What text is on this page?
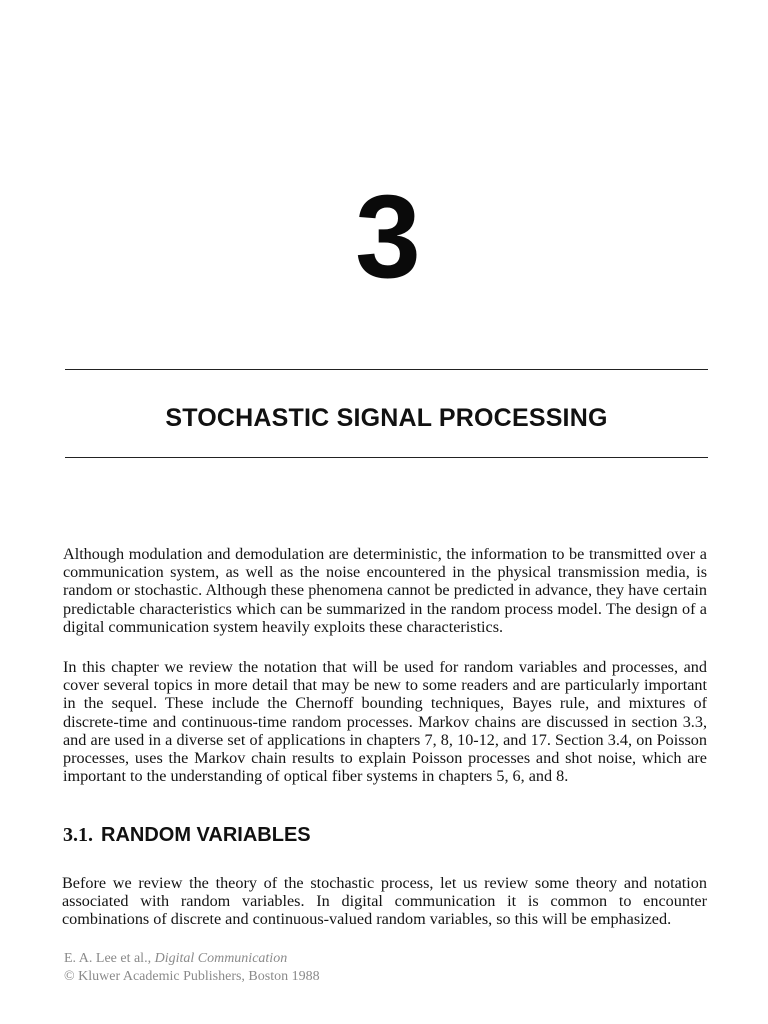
3
STOCHASTIC SIGNAL PROCESSING

Although modulation and demodulation are deterministic, the information to be transmitted over a communication system, as well as the noise encountered in the physical transmission media, is random or stochastic. Although these phenomena cannot be predicted in advance, they have certain predictable characteristics which can be summarized in the random process model. The design of a digital communication system heavily exploits these characteristics.

In this chapter we review the notation that will be used for random variables and processes, and cover several topics in more detail that may be new to some readers and are particularly important in the sequel. These include the Chernoff bounding techniques, Bayes rule, and mixtures of discrete-time and continuous-time random processes. Markov chains are discussed in section 3.3, and are used in a diverse set of applications in chapters 7, 8, 10-12, and 17. Section 3.4, on Poisson processes, uses the Markov chain results to explain Poisson processes and shot noise, which are important to the understanding of optical fiber systems in chapters 5, 6, and 8.

3.1. RANDOM VARIABLES

Before we review the theory of the stochastic process, let us review some theory and notation associated with random variables. In digital communication it is common to encounter combinations of discrete and continuous-valued random variables, so this will be emphasized.

E. A. Lee et al., Digital Communication
© Kluwer Academic Publishers, Boston 1988
